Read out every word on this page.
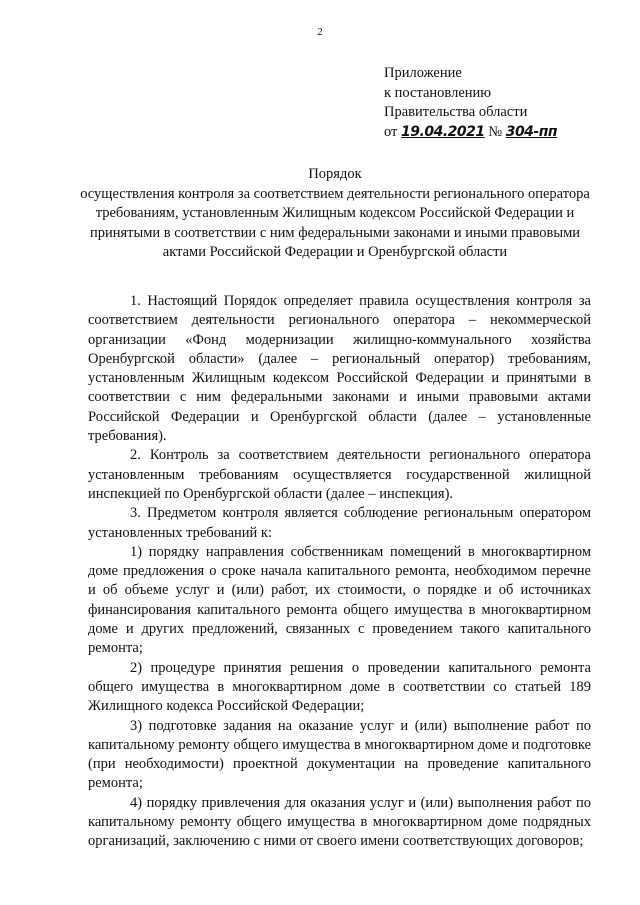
2
Приложение
к постановлению
Правительства области
от 19.04.2021 № 304-пп
Порядок
осуществления контроля за соответствием деятельности регионального оператора требованиям, установленным Жилищным кодексом Российской Федерации и принятыми в соответствии с ним федеральными законами и иными правовыми актами Российской Федерации и Оренбургской области

1. Настоящий Порядок определяет правила осуществления контроля за соответствием деятельности регионального оператора – некоммерческой организации «Фонд модернизации жилищно-коммунального хозяйства Оренбургской области» (далее – региональный оператор) требованиям, установленным Жилищным кодексом Российской Федерации и принятыми в соответствии с ним федеральными законами и иными правовыми актами Российской Федерации и Оренбургской области (далее – установленные требования).

2. Контроль за соответствием деятельности регионального оператора установленным требованиям осуществляется государственной жилищной инспекцией по Оренбургской области (далее – инспекция).

3. Предметом контроля является соблюдение региональным оператором установленных требований к:

1) порядку направления собственникам помещений в многоквартирном доме предложения о сроке начала капитального ремонта, необходимом перечне и об объеме услуг и (или) работ, их стоимости, о порядке и об источниках финансирования капитального ремонта общего имущества в многоквартирном доме и других предложений, связанных с проведением такого капитального ремонта;

2) процедуре принятия решения о проведении капитального ремонта общего имущества в многоквартирном доме в соответствии со статьей 189 Жилищного кодекса Российской Федерации;

3) подготовке задания на оказание услуг и (или) выполнение работ по капитальному ремонту общего имущества в многоквартирном доме и подготовке (при необходимости) проектной документации на проведение капитального ремонта;

4) порядку привлечения для оказания услуг и (или) выполнения работ по капитальному ремонту общего имущества в многоквартирном доме подрядных организаций, заключению с ними от своего имени соответствующих договоров;
